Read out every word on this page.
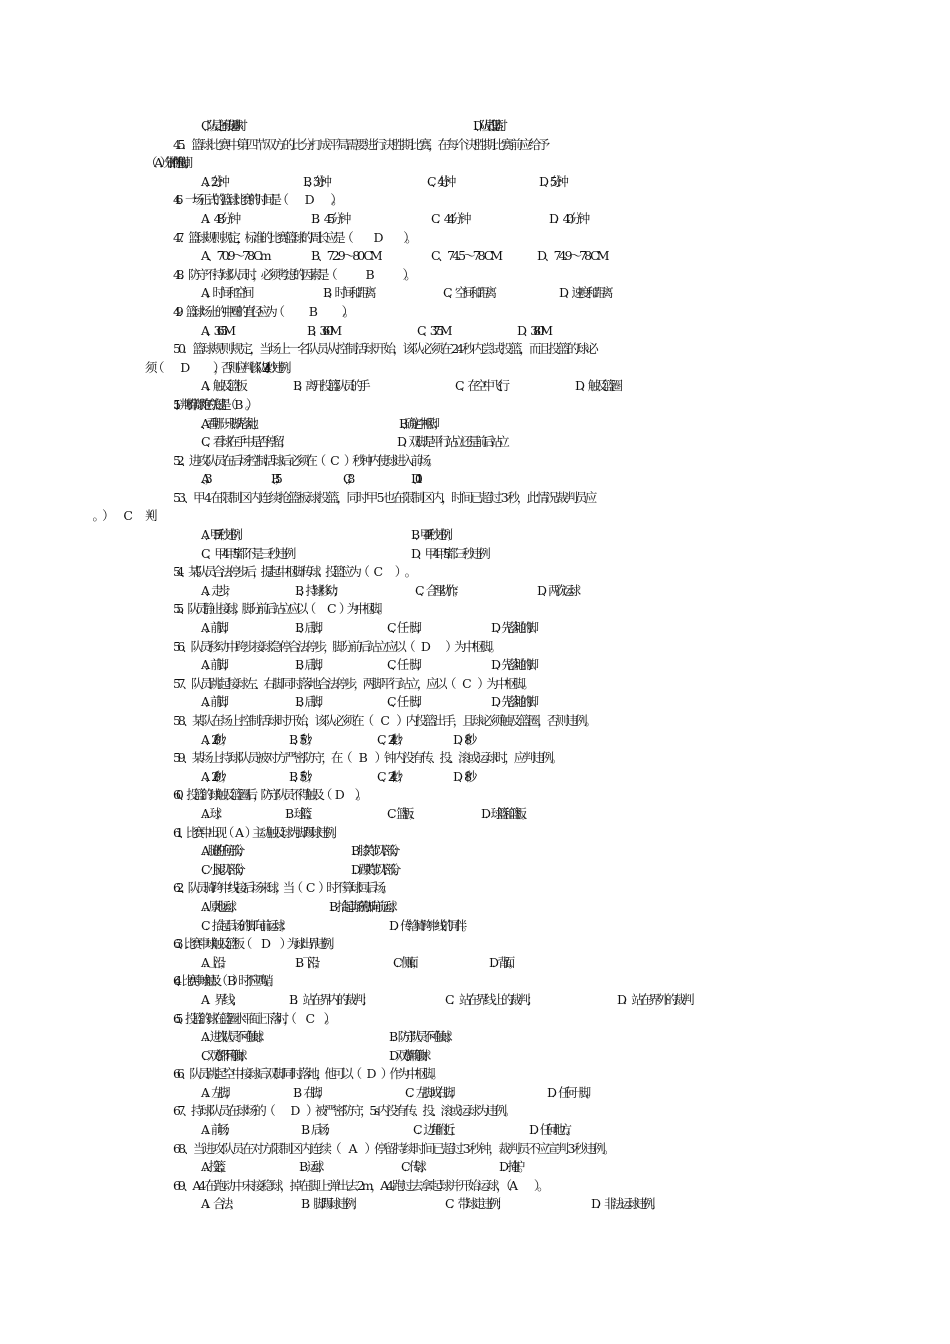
C、队员之间传递球时	D、队员投篮时
45．篮球比赛中第四节双方的比分打成平局需要进行决胜期比赛，在每个决胜期比赛前应给予
（　　A　　）分钟的休息时间。
A、2 分钟	B、3 分钟	C、4 分钟	D、5 分钟
46．一场正式的篮球比赛的时间是（　　　D　　　）。
A ．48 分钟	B ．45 分钟	C．  44 分钟	D ．40 分钟
47．篮球规则规定，标准的比赛篮球的周长应是（　　　D　　　）。
A、70.9～78 Cm	B、72.9～80 CM	C、74.5～78 CM	D、74.9～78 CM
48．防守不持球队员时，必须考虑的因素是（　　　　B　　　　）。
A、时间和空间	B、时间和距离	C、空间和距离	D、速度和距离
49．篮球场上的中圈的直径应为（　　　　B　　　　）。
A、3.65 M	B、 3.60M	C、 3.75M	D、 3.80M
50．篮球规则规定，当场上一名队员从控制活球开始，该队必须在 24 秒内尝试投篮，而且投篮的球必
须（　　　D　　　　），否则应判该队 24 秒违例。
A、触及篮板	B、离开投篮队员的手	C、在空中飞行	D、触及篮圈
51、判断带球跑的关键是（　B　　）。
A 、看哪一只脚先落地；	B、 确定中枢脚；
C、看球在手中是否停留；	D、 双脚是平行站立还是前后站立
52、进攻队员在后场控制活球后必须在（　 C　）秒钟内使球进入前场。
A、3；	B、5；	C、8；	D、10
53、甲 4 在限制区内连续抢篮板球投篮，同时甲 5 也在限制区内，时间已超过 3 秒，此情况裁判员应
A、甲 5 三秒违例；	B、甲 4 三秒违例；
C、甲 4 甲 5 都不是三秒违例	D、甲 4 甲 5 都三秒违例
54、某队员合法停步后，提起中枢脚传球、投篮应为（　C　　）　。
A、走步；	B、持球移动；	C、合理动作；	D、两次运球
55、队员静止接球，脚分前后站立应以（　　C　 ）为中枢脚。
A、前脚；	B、后脚；	C、任一脚；	D、先落地的脚
56、队员移动中跨步接球急停合法停步，脚分前后站立应以（　D　　 ）为中枢脚。
A、前脚；	B、后脚；	C、任一脚；	D、先落地的脚
57、队员跳起接球左、右脚同时落地合法停步，两脚平行站立，应以（　C　）为中枢脚。
A、前脚；	B、后脚；	C、任一脚；	D、先落地的脚
58、某队在场上控制活球时开始，该队必须在（　C　）内投篮出手，且球必须触及篮圈，否则违例。
A、20 秒；	B、5 秒；	C、24 秒；	D、8 秒
59、某场上持球队员被对方严密防守，在（　B　 ）钟内没有传、投、滚或运球时，应判违例。
A、20 秒；	B、5 秒；	C、24 秒；	D、8 秒
60、投篮的球触及篮圈后，防守队员不得触及（　D　　）。
A．球；	B．球篮；	C．篮板；	D．球篮和篮板。
61、比赛中出现（　 A　 ）主动触及球为脚踢球违例。
A．腿的任何部分；	B．膝关节以下部分；
C．小腿以下部分；	D．踝关节以下部分。
62、队员骑跨中线接后场来球，当（　 C　 ）时不算球回后场。
A．原地运球；	B．抬起前场的脚向前运球；
C．抬起后场的脚向前运球；	D．传给骑跨中线的同伴。
63、.比赛中球触及篮板（　　D　　）为球出界违例。
A．上沿；	B．下沿；	C．侧面；	D．背面。
64、比赛中球触及（　B　 ）时不应鸣哨。
A．界线；	B．站在界内的裁判；	C．站在界线上的裁判；	D．站在界外的裁判
65、投篮的球在篮圈水平面上下落时，（　　C　　）。
A．进攻队员不可触球；	B．防守队员不可触球；
C．双方都不可触球；	D．双方都可触球
66、队员跳起空中接球后双脚同时落地，他可以（　 D　 ）作为中枢脚。
A．左脚；	B．右脚；	C．左脚或右脚；	D．任何一脚。
67、持球队员在球场的（　　D　）被严密防守，5s 内没有传、投、滚或运球为违例。
A．前场；	B．后场；	C．边角附近；	D．任何地方。
68、当进攻队员在对方限制区内连续（　A　）停留持续时间已超过 3 秒钟，裁判员不应宣判 3 秒违例。
A．投篮；	B．运球；	C．传球；	D．掩护。
69、A4 在跑动中未接稳球，掉在脚上弹出去 2m，A4 跑过去拿起球并开始运球，（A　　）。
A．合法；	B．脚踢球违例；	C．带球走违例；	D．非法运球违例。
